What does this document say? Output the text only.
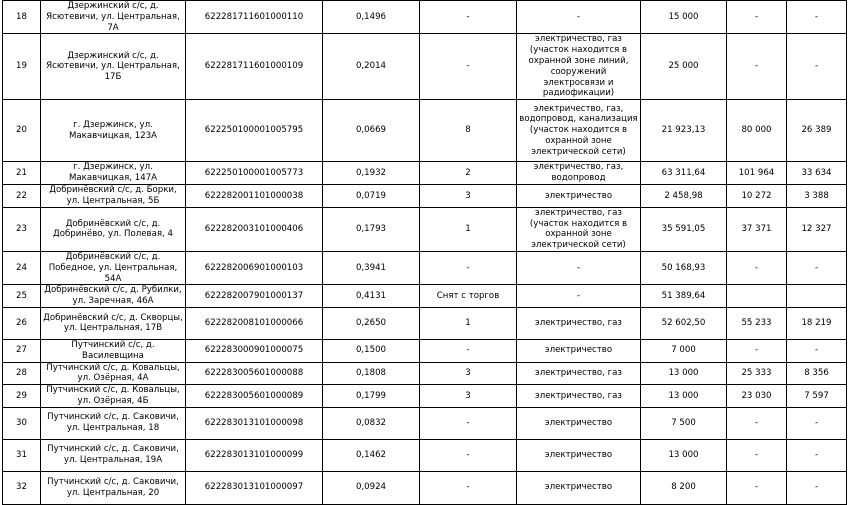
18	Дзержинский с/с, д. Ясютевичи, ул. Центральная, 7А	622281711601000110	0,1496	-	-	15 000	-	-
19	Дзержинский с/с, д. Ясютевичи, ул. Центральная, 17Б	622281711601000109	0,2014	-	электричество, газ (участок находится в охранной зоне линий, сооружений электросвязи и радиофикации)	25 000	-	-
20	г. Дзержинск, ул. Макавчицкая, 123А	622250100001005795	0,0669	8	электричество, газ, водопровод, канализация (участок находится в охранной зоне электрической сети)	21 923,13	80 000	26 389
21	г. Дзержинск, ул. Макавчицкая, 147А	622250100001005773	0,1932	2	электричество, газ, водопровод	63 311,64	101 964	33 634
22	Добринёвский с/с, д. Борки, ул. Центральная, 5Б	622282001101000038	0,0719	3	электричество	2 458,98	10 272	3 388
23	Добринёвский с/с, д. Добринёво, ул. Полевая, 4	622282003101000406	0,1793	1	электричество, газ (участок находится в охранной зоне электрической сети)	35 591,05	37 371	12 327
24	Добринёвский с/с, д. Победное, ул. Центральная, 54А	622282006901000103	0,3941	-	-	50 168,93	-	-
25	Добринёвский с/с, д. Рубилки, ул. Заречная, 46А	622282007901000137	0,4131	Снят с торгов	-	51 389,64		
26	Добринёвский с/с, д. Скворцы, ул. Центральная, 17В	622282008101000066	0,2650	1	электричество, газ	52 602,50	55 233	18 219
27	Путчинский с/с, д. Василевщина	622283000901000075	0,1500	-	электричество	7 000	-	-
28	Путчинский с/с, д. Ковальцы, ул. Озёрная, 4А	622283005601000088	0,1808	3	электричество, газ	13 000	25 333	8 356
29	Путчинский с/с, д. Ковальцы, ул. Озёрная, 4Б	622283005601000089	0,1799	3	электричество, газ	13 000	23 030	7 597
30	Путчинский с/с, д. Саковичи, ул. Центральная, 18	622283013101000098	0,0832	-	электричество	7 500	-	-
31	Путчинский с/с, д. Саковичи, ул. Центральная, 19А	622283013101000099	0,1462	-	электричество	13 000	-	-
32	Путчинский с/с, д. Саковичи, ул. Центральная, 20	622283013101000097	0,0924	-	электричество	8 200	-	-
